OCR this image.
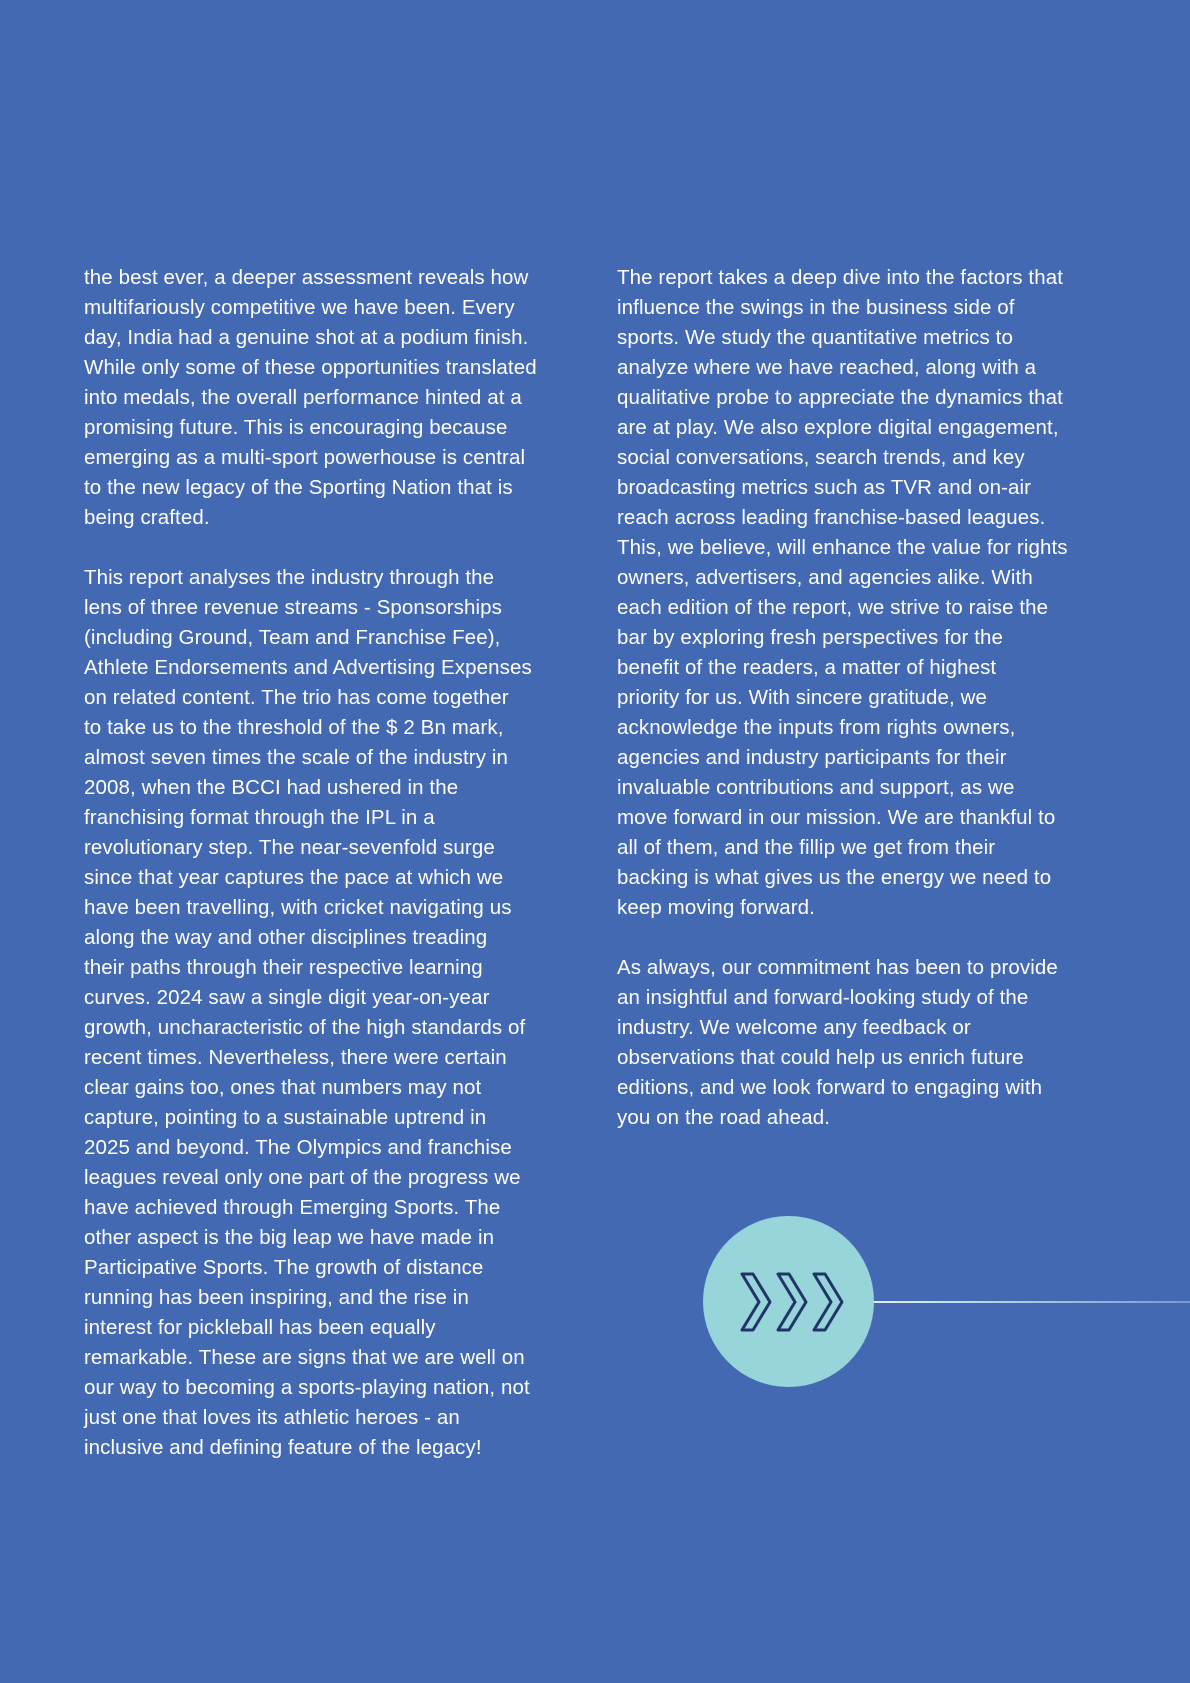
the best ever, a deeper assessment reveals how
multifariously competitive we have been. Every
day, India had a genuine shot at a podium finish.
While only some of these opportunities translated
into medals, the overall performance hinted at a
promising future. This is encouraging because
emerging as a multi-sport powerhouse is central
to the new legacy of the Sporting Nation that is
being crafted.

This report analyses the industry through the
lens of three revenue streams - Sponsorships
(including Ground, Team and Franchise Fee),
Athlete Endorsements and Advertising Expenses
on related content. The trio has come together
to take us to the threshold of the $ 2 Bn mark,
almost seven times the scale of the industry in
2008, when the BCCI had ushered in the
franchising format through the IPL in a
revolutionary step. The near-sevenfold surge
since that year captures the pace at which we
have been travelling, with cricket navigating us
along the way and other disciplines treading
their paths through their respective learning
curves. 2024 saw a single digit year-on-year
growth, uncharacteristic of the high standards of
recent times. Nevertheless, there were certain
clear gains too, ones that numbers may not
capture, pointing to a sustainable uptrend in
2025 and beyond. The Olympics and franchise
leagues reveal only one part of the progress we
have achieved through Emerging Sports. The
other aspect is the big leap we have made in
Participative Sports. The growth of distance
running has been inspiring, and the rise in
interest for pickleball has been equally
remarkable. These are signs that we are well on
our way to becoming a sports-playing nation, not
just one that loves its athletic heroes - an
inclusive and defining feature of the legacy!

The report takes a deep dive into the factors that
influence the swings in the business side of
sports. We study the quantitative metrics to
analyze where we have reached, along with a
qualitative probe to appreciate the dynamics that
are at play. We also explore digital engagement,
social conversations, search trends, and key
broadcasting metrics such as TVR and on-air
reach across leading franchise-based leagues.
This, we believe, will enhance the value for rights
owners, advertisers, and agencies alike. With
each edition of the report, we strive to raise the
bar by exploring fresh perspectives for the
benefit of the readers, a matter of highest
priority for us. With sincere gratitude, we
acknowledge the inputs from rights owners,
agencies and industry participants for their
invaluable contributions and support, as we
move forward in our mission. We are thankful to
all of them, and the fillip we get from their
backing is what gives us the energy we need to
keep moving forward.

As always, our commitment has been to provide
an insightful and forward-looking study of the
industry. We welcome any feedback or
observations that could help us enrich future
editions, and we look forward to engaging with
you on the road ahead.
